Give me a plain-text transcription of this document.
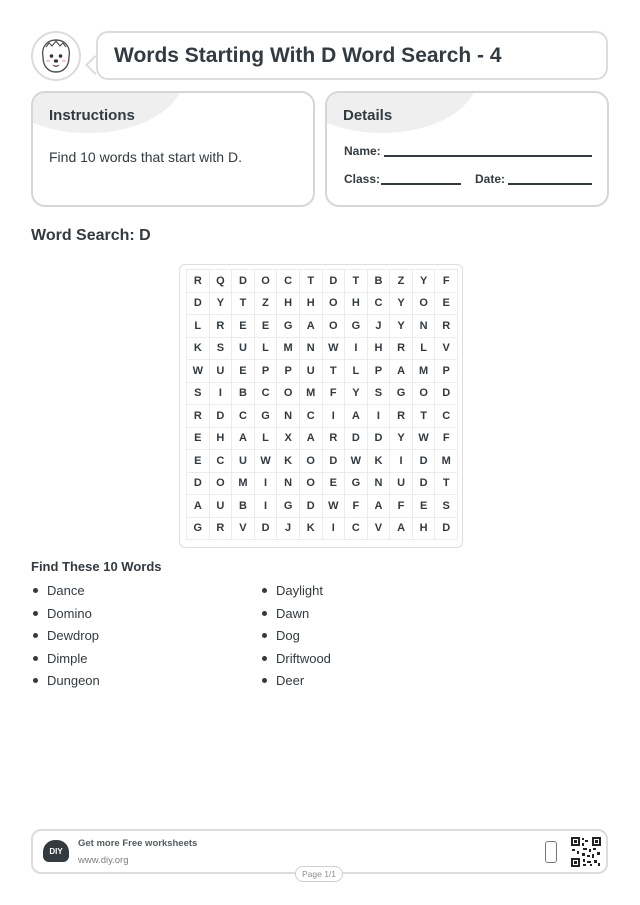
Words Starting With D Word Search - 4
Instructions
Find 10 words that start with D.
Details
Name:
Class:	Date:
Word Search: D
R	Q	D	O	C	T	D	T	B	Z	Y	F
D	Y	T	Z	H	H	O	H	C	Y	O	E
L	R	E	E	G	A	O	G	J	Y	N	R
K	S	U	L	M	N	W	I	H	R	L	V
W	U	E	P	P	U	T	L	P	A	M	P
S	I	B	C	O	M	F	Y	S	G	O	D
R	D	C	G	N	C	I	A	I	R	T	C
E	H	A	L	X	A	R	D	D	Y	W	F
E	C	U	W	K	O	D	W	K	I	D	M
D	O	M	I	N	O	E	G	N	U	D	T
A	U	B	I	G	D	W	F	A	F	E	S
G	R	V	D	J	K	I	C	V	A	H	D
Find These 10 Words
Dance
Domino
Dewdrop
Dimple
Dungeon
Daylight
Dawn
Dog
Driftwood
Deer
DIY
Get more Free worksheets
www.diy.org
Page 1/1
